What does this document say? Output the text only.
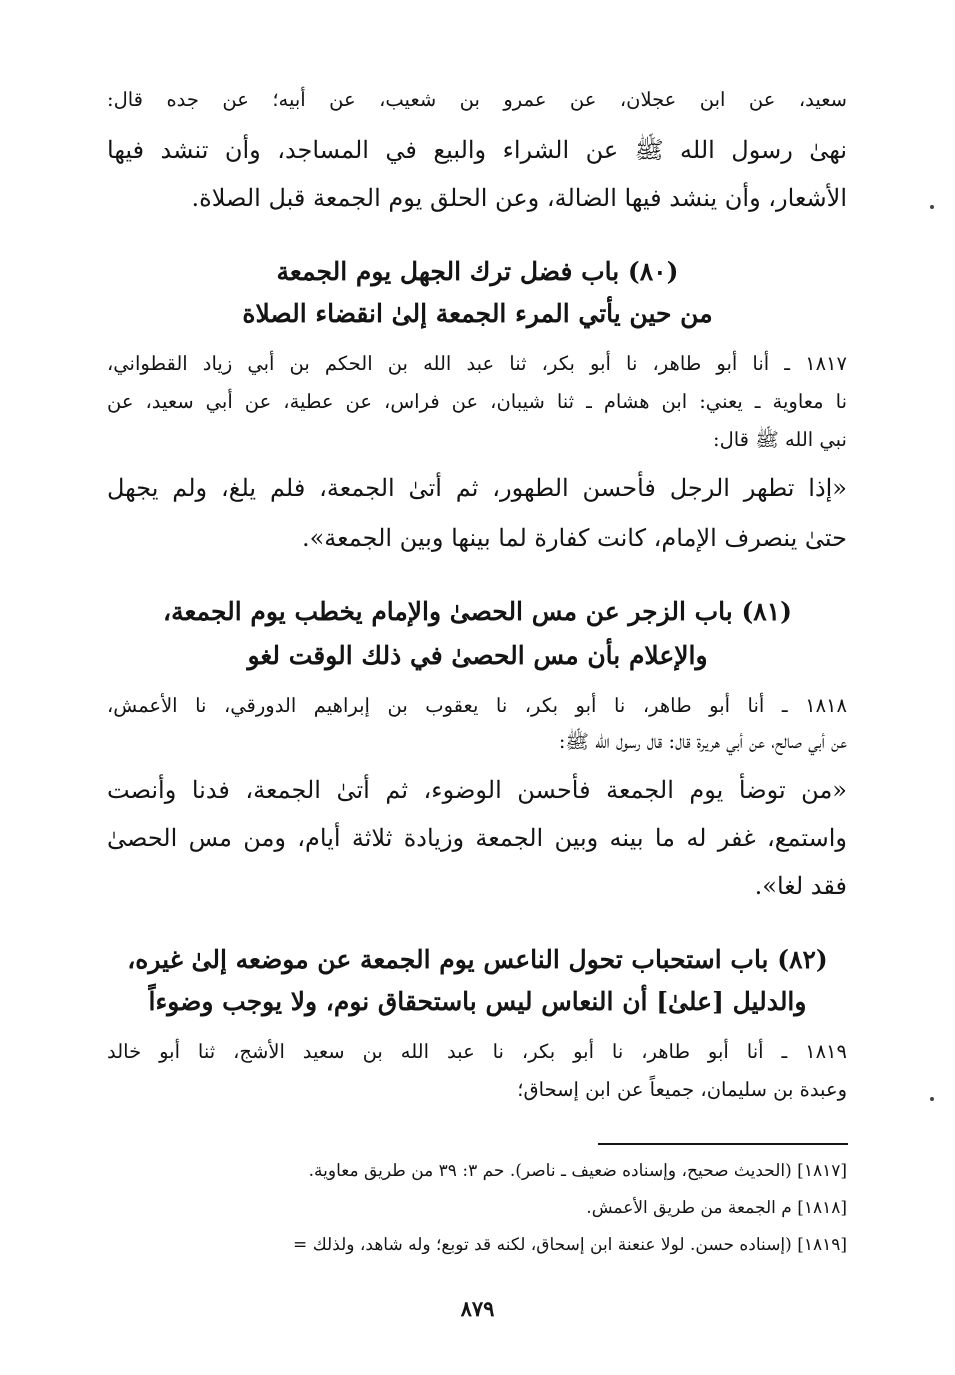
سعيد، عن ابن عجلان، عن عمرو بن شعيب، عن أبيه؛ عن جده قال:
نهىٰ رسول الله ﷺ عن الشراء والبيع في المساجد، وأن تنشد فيها
الأشعار، وأن ينشد فيها الضالة، وعن الحلق يوم الجمعة قبل الصلاة.
(٨٠) باب فضل ترك الجهل يوم الجمعة
من حين يأتي المرء الجمعة إلىٰ انقضاء الصلاة
١٨١٧ ـ أنا أبو طاهر، نا أبو بكر، ثنا عبد الله بن الحكم بن أبي زياد القطواني،
نا معاوية ـ يعني: ابن هشام ـ ثنا شيبان، عن فراس، عن عطية، عن أبي سعيد، عن
نبي الله ﷺ قال:
«إذا تطهر الرجل فأحسن الطهور، ثم أتىٰ الجمعة، فلم يلغ، ولم يجهل
حتىٰ ينصرف الإمام، كانت كفارة لما بينها وبين الجمعة».
(٨١) باب الزجر عن مس الحصىٰ والإمام يخطب يوم الجمعة،
والإعلام بأن مس الحصىٰ في ذلك الوقت لغو
١٨١٨ ـ أنا أبو طاهر، نا أبو بكر، نا يعقوب بن إبراهيم الدورقي، نا الأعمش،
عن أبي صالح، عن أبي هريرة قال: قال رسول الله ﷺ:
«من توضأ يوم الجمعة فأحسن الوضوء، ثم أتىٰ الجمعة، فدنا وأنصت
واستمع، غفر له ما بينه وبين الجمعة وزيادة ثلاثة أيام، ومن مس الحصىٰ
فقد لغا».
(٨٢) باب استحباب تحول الناعس يوم الجمعة عن موضعه إلىٰ غيره،
والدليل [علىٰ] أن النعاس ليس باستحقاق نوم، ولا يوجب وضوءاً
١٨١٩ ـ أنا أبو طاهر، نا أبو بكر، نا عبد الله بن سعيد الأشج، ثنا أبو خالد
وعبدة بن سليمان، جميعاً عن ابن إسحاق؛
[١٨١٧] (الحديث صحيح، وإسناده ضعيف ـ ناصر). حم ٣: ٣٩ من طريق معاوية.
[١٨١٨] م الجمعة من طريق الأعمش.
[١٨١٩] (إسناده حسن. لولا عنعنة ابن إسحاق، لكنه قد توبع؛ وله شاهد، ولذلك =
٨٧٩
